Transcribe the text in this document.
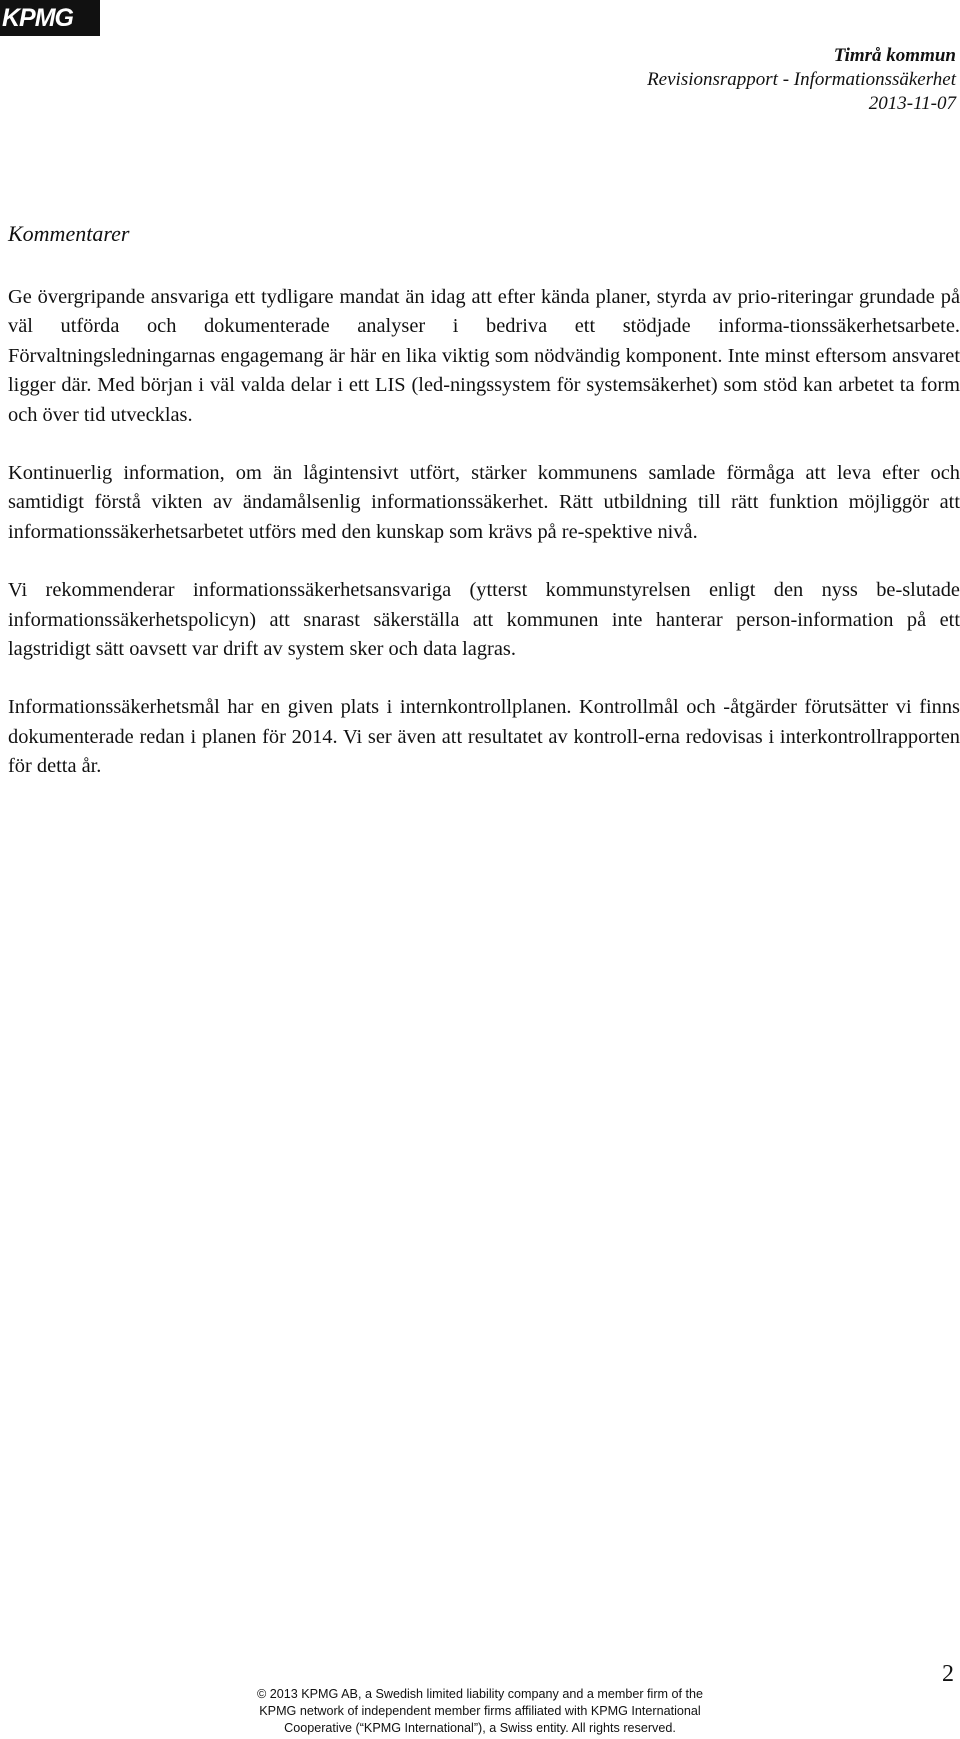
KPMG
Timrå kommun
Revisionsrapport - Informationssäkerhet
2013-11-07
Kommentarer

Ge övergripande ansvariga ett tydligare mandat än idag att efter kända planer, styrda av prio-riteringar grundade på väl utförda och dokumenterade analyser i bedriva ett stödjade informa-tionssäkerhetsarbete. Förvaltningsledningarnas engagemang är här en lika viktig som nödvändig komponent. Inte minst eftersom ansvaret ligger där. Med början i väl valda delar i ett LIS (led-ningssystem för systemsäkerhet) som stöd kan arbetet ta form och över tid utvecklas.

Kontinuerlig information, om än lågintensivt utfört, stärker kommunens samlade förmåga att leva efter och samtidigt förstå vikten av ändamålsenlig informationssäkerhet. Rätt utbildning till rätt funktion möjliggör att informationssäkerhetsarbetet utförs med den kunskap som krävs på re-spektive nivå.

Vi rekommenderar informationssäkerhetsansvariga (ytterst kommunstyrelsen enligt den nyss be-slutade informationssäkerhetspolicyn) att snarast säkerställa att kommunen inte hanterar person-information på ett lagstridigt sätt oavsett var drift av system sker och data lagras.

Informationssäkerhetsmål har en given plats i internkontrollplanen. Kontrollmål och -åtgärder förutsätter vi finns dokumenterade redan i planen för 2014. Vi ser även att resultatet av kontroll-erna redovisas i interkontrollrapporten för detta år.

2
© 2013 KPMG AB, a Swedish limited liability company and a member firm of the
KPMG network of independent member firms affiliated with KPMG International
Cooperative (“KPMG International”), a Swiss entity. All rights reserved.
